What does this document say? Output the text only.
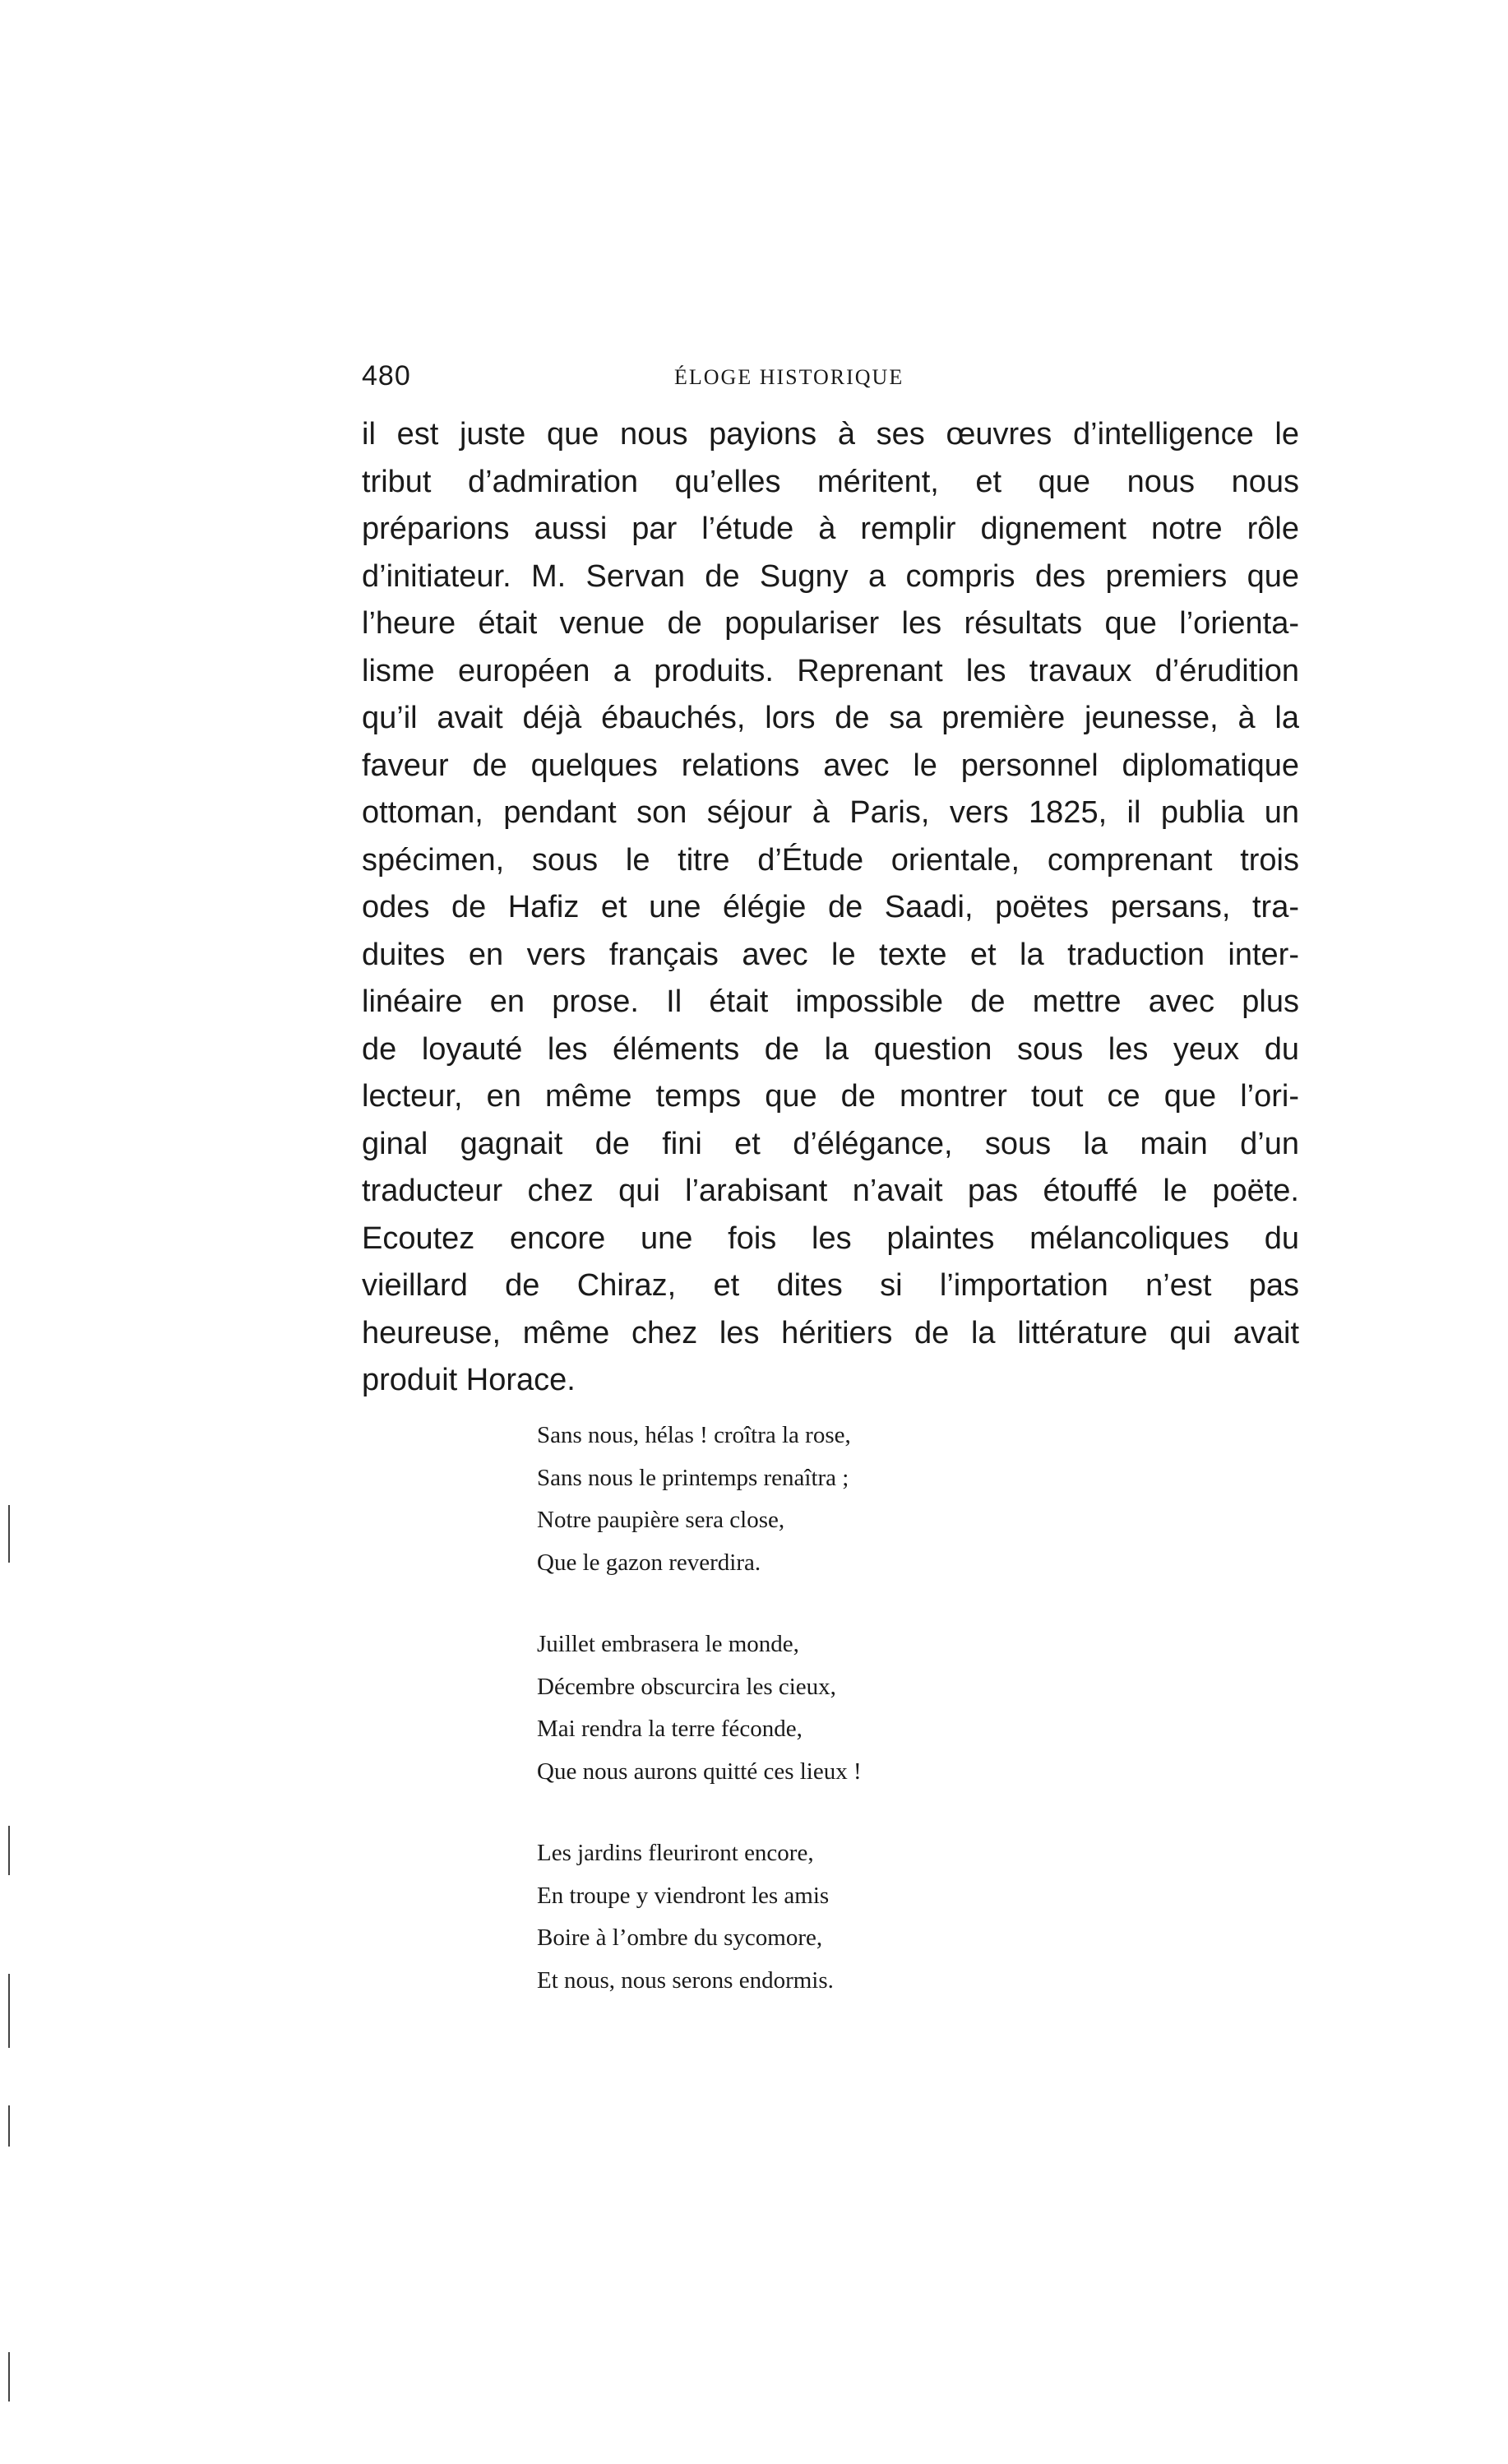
480	ÉLOGE HISTORIQUE
il est juste que nous payions à ses œuvres d’intelligence le
tribut d’admiration qu’elles méritent, et que nous nous
préparions aussi par l’étude à remplir dignement notre rôle
d’initiateur. M. Servan de Sugny a compris des premiers que
l’heure était venue de populariser les résultats que l’orienta-
lisme européen a produits. Reprenant les travaux d’érudition
qu’il avait déjà ébauchés, lors de sa première jeunesse, à la
faveur de quelques relations avec le personnel diplomatique
ottoman, pendant son séjour à Paris, vers 1825, il publia un
spécimen, sous le titre d’Étude orientale, comprenant trois
odes de Hafiz et une élégie de Saadi, poëtes persans, tra-
duites en vers français avec le texte et la traduction inter-
linéaire en prose. Il était impossible de mettre avec plus
de loyauté les éléments de la question sous les yeux du
lecteur, en même temps que de montrer tout ce que l’ori-
ginal gagnait de fini et d’élégance, sous la main d’un
traducteur chez qui l’arabisant n’avait pas étouffé le poëte.
Ecoutez encore une fois les plaintes mélancoliques du
vieillard de Chiraz, et dites si l’importation n’est pas
heureuse, même chez les héritiers de la littérature qui avait
produit Horace.
Sans nous, hélas ! croîtra la rose,
Sans nous le printemps renaîtra ;
Notre paupière sera close,
Que le gazon reverdira.
Juillet embrasera le monde,
Décembre obscurcira les cieux,
Mai rendra la terre féconde,
Que nous aurons quitté ces lieux !
Les jardins fleuriront encore,
En troupe y viendront les amis
Boire à l’ombre du sycomore,
Et nous, nous serons endormis.
